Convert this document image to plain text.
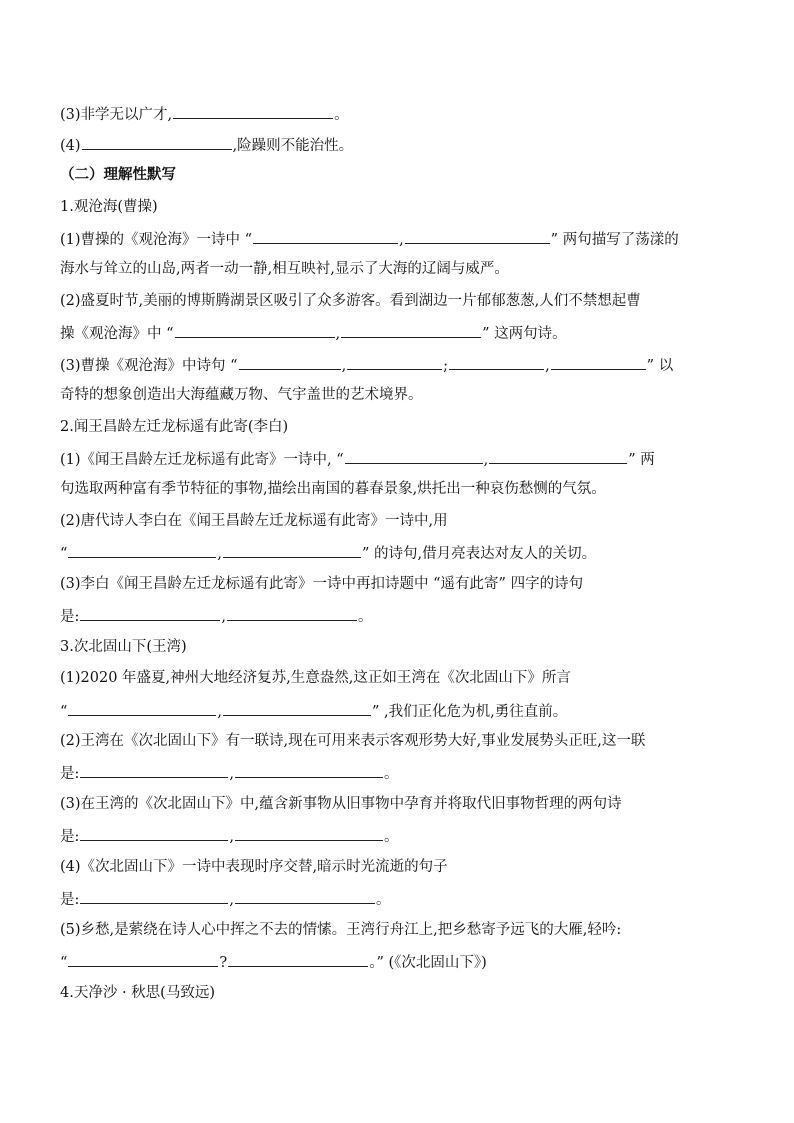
(3)非学无以广才,	。
(4)	,险躁则不能治性。
（二）理解性默写
1.观沧海(曹操)
(1)曹操的《观沧海》一诗中 “	,	” 两句描写了荡漾的
海水与耸立的山岛,两者一动一静,相互映衬,显示了大海的辽阔与威严。
(2)盛夏时节,美丽的博斯腾湖景区吸引了众多游客。看到湖边一片郁郁葱葱,人们不禁想起曹
操《观沧海》中 “	,	” 这两句诗。
(3)曹操《观沧海》中诗句 “	,	;	,	” 以
奇特的想象创造出大海蕴藏万物、气宇盖世的艺术境界。
2.闻王昌龄左迁龙标遥有此寄(李白)
(1)《闻王昌龄左迁龙标遥有此寄》一诗中, “	,	” 两
句选取两种富有季节特征的事物,描绘出南国的暮春景象,烘托出一种哀伤愁恻的气氛。
(2)唐代诗人李白在《闻王昌龄左迁龙标遥有此寄》一诗中,用
“	,	” 的诗句,借月亮表达对友人的关切。
(3)李白《闻王昌龄左迁龙标遥有此寄》一诗中再扣诗题中 “遥有此寄” 四字的诗句
是:	,	。
3.次北固山下(王湾)
(1)2020 年盛夏,神州大地经济复苏,生意盎然,这正如王湾在《次北固山下》所言
“	,	” ,我们正化危为机,勇往直前。
(2)王湾在《次北固山下》有一联诗,现在可用来表示客观形势大好,事业发展势头正旺,这一联
是:	,	。
(3)在王湾的《次北固山下》中,蕴含新事物从旧事物中孕育并将取代旧事物哲理的两句诗
是:	,	。
(4)《次北固山下》一诗中表现时序交替,暗示时光流逝的句子
是:	,	。
(5)乡愁,是萦绕在诗人心中挥之不去的情愫。王湾行舟江上,把乡愁寄予远飞的大雁,轻吟:
“	?	。” (《次北固山下》)
4.天净沙 · 秋思(马致远)
